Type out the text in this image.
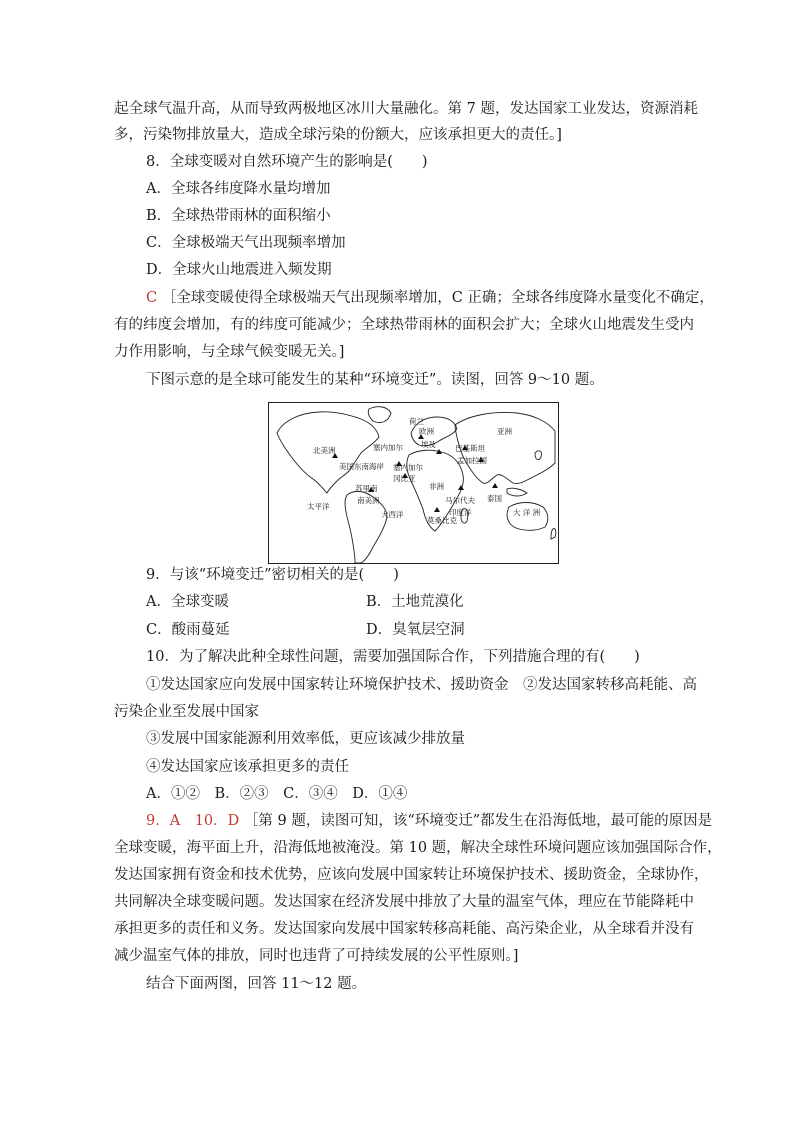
起全球气温升高，从而导致两极地区冰川大量融化。第 7 题，发达国家工业发达，资源消耗
多，污染物排放量大，造成全球污染的份额大，应该承担更大的责任。]
8．全球变暖对自然环境产生的影响是(　　)
A．全球各纬度降水量均增加
B．全球热带雨林的面积缩小
C．全球极端天气出现频率增加
D．全球火山地震进入频发期
C ［全球变暖使得全球极端天气出现频率增加，C 正确；全球各纬度降水量变化不确定，
有的纬度会增加，有的纬度可能减少；全球热带雨林的面积会扩大；全球火山地震发生受内
力作用影响，与全球气候变暖无关。]
下图示意的是全球可能发生的某种“环境变迁”。读图，回答 9～10 题。
欧洲	亚洲
荷兰
北美洲	塞内加尔 埃及	巴基斯坦
孟加拉国
美国东南海岸 塞内加尔
冈比亚
非洲
苏里南
南美洲
太平洋
大西洋
马尔代夫 泰国
印度洋
莫桑比克
大 洋 洲
9．与该“环境变迁”密切相关的是(　　)
A．全球变暖	B．土地荒漠化
C．酸雨蔓延	D．臭氧层空洞
10．为了解决此种全球性问题，需要加强国际合作，下列措施合理的有(　　)
①发达国家应向发展中国家转让环境保护技术、援助资金　②发达国家转移高耗能、高
污染企业至发展中国家
③发展中国家能源利用效率低，更应该减少排放量
④发达国家应该承担更多的责任
A．①②　B．②③　C．③④　D．①④
9．A　10．D ［第 9 题，读图可知，该“环境变迁”都发生在沿海低地，最可能的原因是
全球变暖，海平面上升，沿海低地被淹没。第 10 题，解决全球性环境问题应该加强国际合作，
发达国家拥有资金和技术优势，应该向发展中国家转让环境保护技术、援助资金，全球协作，
共同解决全球变暖问题。发达国家在经济发展中排放了大量的温室气体，理应在节能降耗中
承担更多的责任和义务。发达国家向发展中国家转移高耗能、高污染企业，从全球看并没有
减少温室气体的排放，同时也违背了可持续发展的公平性原则。]
结合下面两图，回答 11～12 题。
